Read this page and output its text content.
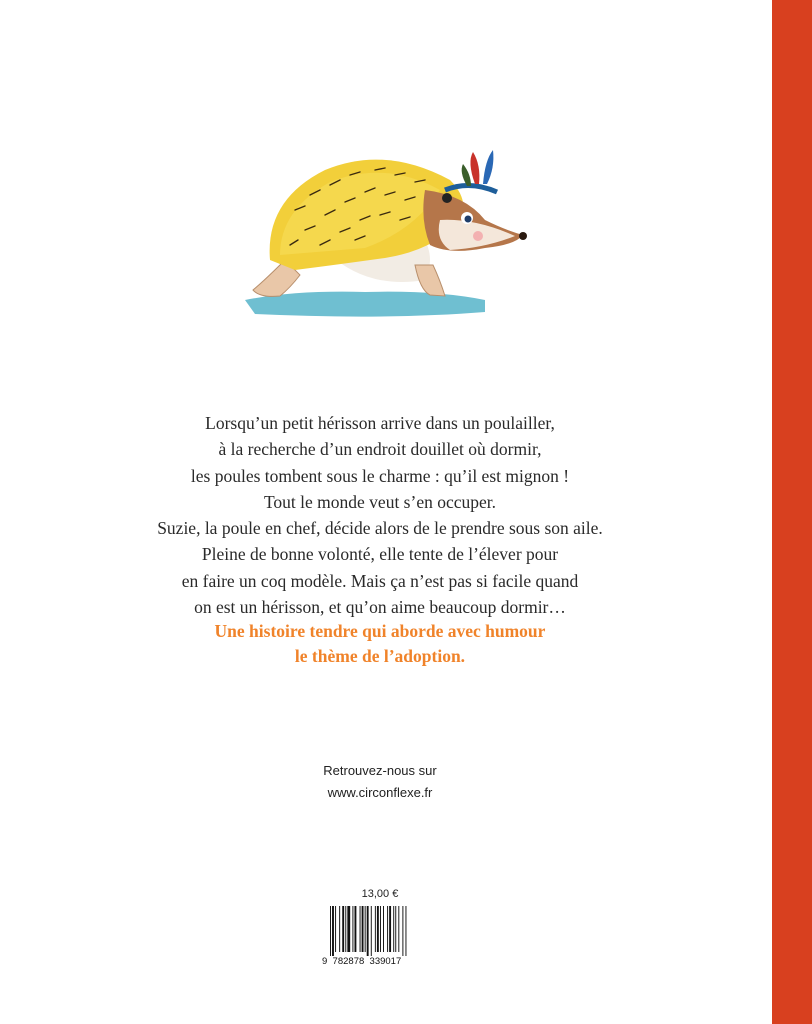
Lorsqu’un petit hérisson arrive dans un poulailler,
à la recherche d’un endroit douillet où dormir,
les poules tombent sous le charme : qu’il est mignon !
Tout le monde veut s’en occuper.
Suzie, la poule en chef, décide alors de le prendre sous son aile.
Pleine de bonne volonté, elle tente de l’élever pour
en faire un coq modèle. Mais ça n’est pas si facile quand
on est un hérisson, et qu’on aime beaucoup dormir…
Une histoire tendre qui aborde avec humour
le thème de l’adoption.
Retrouvez-nous sur
www.circonflexe.fr
13,00 €
9  782878  339017
